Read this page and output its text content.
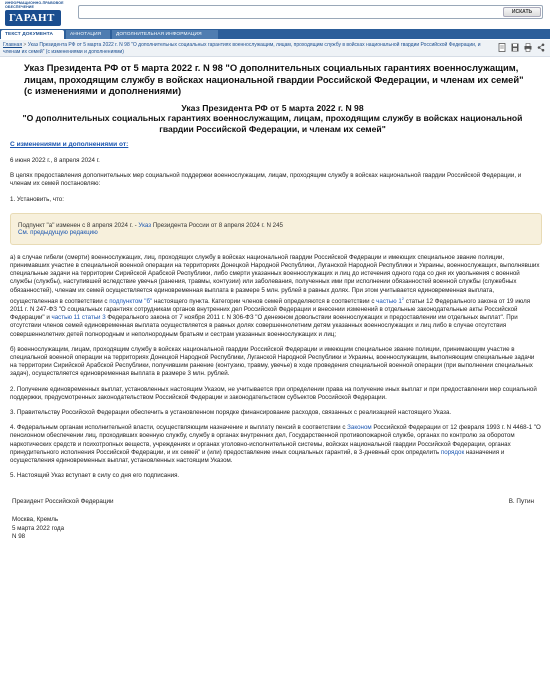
ИНФОРМАЦИОННО-ПРАВОВОЕ ОБЕСПЕЧЕНИЕ
ГАРАНТ
ИСКАТЬ
ТЕКСТ ДОКУМЕНТА	АННОТАЦИЯ	ДОПОЛНИТЕЛЬНАЯ ИНФОРМАЦИЯ
Главная > Указ Президента РФ от 5 марта 2022 г. N 98 "О дополнительных социальных гарантиях военнослужащим, лицам, проходящим службу в войсках национальной гвардии Российской Федерации, и членам их семей" (с изменениями и дополнениями)
Указ Президента РФ от 5 марта 2022 г. N 98 "О дополнительных социальных гарантиях военнослужащим, лицам, проходящим службу в войсках национальной гвардии Российской Федерации, и членам их семей" (с изменениями и дополнениями)
Указ Президента РФ от 5 марта 2022 г. N 98
"О дополнительных социальных гарантиях военнослужащим, лицам, проходящим службу в войсках национальной гвардии Российской Федерации, и членам их семей"
С изменениями и дополнениями от:

6 июня 2022 г., 8 апреля 2024 г.

В целях предоставления дополнительных мер социальной поддержки военнослужащим, лицам, проходящим службу в войсках национальной гвардии Российской Федерации, и членам их семей постановляю:

1. Установить, что:

Подпункт "а" изменен с 8 апреля 2024 г. - Указ Президента России от 8 апреля 2024 г. N 245
См. предыдущую редакцию

а) в случае гибели (смерти) военнослужащих, лиц, проходящих службу в войсках национальной гвардии Российской Федерации и имеющих специальное звание полиции, принимавших участие в специальной военной операции на территориях Донецкой Народной Республики, Луганской Народной Республики и Украины, военнослужащих, выполнявших специальные задачи на территории Сирийской Арабской Республики, либо смерти указанных военнослужащих и лиц до истечения одного года со дня их увольнения с военной службы (службы), наступившей вследствие увечья (ранения, травмы, контузии) или заболевания, полученных ими при исполнении обязанностей военной службы (служебных обязанностей), членам их семей осуществляется единовременная выплата в размере 5 млн. рублей в равных долях. При этом учитывается единовременная выплата, осуществленная в соответствии с подпунктом "б" настоящего пункта. Категории членов семей определяются в соответствии с частью $1^2$ статьи 12 Федерального закона от 19 июля 2011 г. N 247-ФЗ "О социальных гарантиях сотрудникам органов внутренних дел Российской Федерации и внесении изменений в отдельные законодательные акты Российской Федерации" и частью 11 статьи 3 Федерального закона от 7 ноября 2011 г. N 306-ФЗ "О денежном довольствии военнослужащих и предоставлении им отдельных выплат". При отсутствии членов семей единовременная выплата осуществляется в равных долях совершеннолетним детям указанных военнослужащих и лиц либо в случае отсутствия совершеннолетних детей полнородным и неполнородным братьям и сестрам указанных военнослужащих и лиц;

б) военнослужащим, лицам, проходящим службу в войсках национальной гвардии Российской Федерации и имеющим специальное звание полиции, принимающим участие в специальной военной операции на территориях Донецкой Народной Республики, Луганской Народной Республики и Украины, военнослужащим, выполняющим специальные задачи на территории Сирийской Арабской Республики, получившим ранение (контузию, травму, увечье) в ходе проведения специальной военной операции (при выполнении специальных задач), осуществляется единовременная выплата в размере 3 млн. рублей.

2. Получение единовременных выплат, установленных настоящим Указом, не учитывается при определении права на получение иных выплат и при предоставлении мер социальной поддержки, предусмотренных законодательством Российской Федерации и законодательством субъектов Российской Федерации.

3. Правительству Российской Федерации обеспечить в установленном порядке финансирование расходов, связанных с реализацией настоящего Указа.

4. Федеральным органам исполнительной власти, осуществляющим назначение и выплату пенсий в соответствии с Законом Российской Федерации от 12 февраля 1993 г. N 4468-1 "О пенсионном обеспечении лиц, проходивших военную службу, службу в органах внутренних дел, Государственной противопожарной службе, органах по контролю за оборотом наркотических средств и психотропных веществ, учреждениях и органах уголовно-исполнительной системы, войсках национальной гвардии Российской Федерации, органах принудительного исполнения Российской Федерации, и их семей" и (или) предоставление иных социальных гарантий, в 3-дневный срок определить порядок назначения и осуществления единовременных выплат, установленных настоящим Указом.

5. Настоящий Указ вступает в силу со дня его подписания.

Президент Российской Федерации	В. Путин
Москва, Кремль
5 марта 2022 года
N 98
